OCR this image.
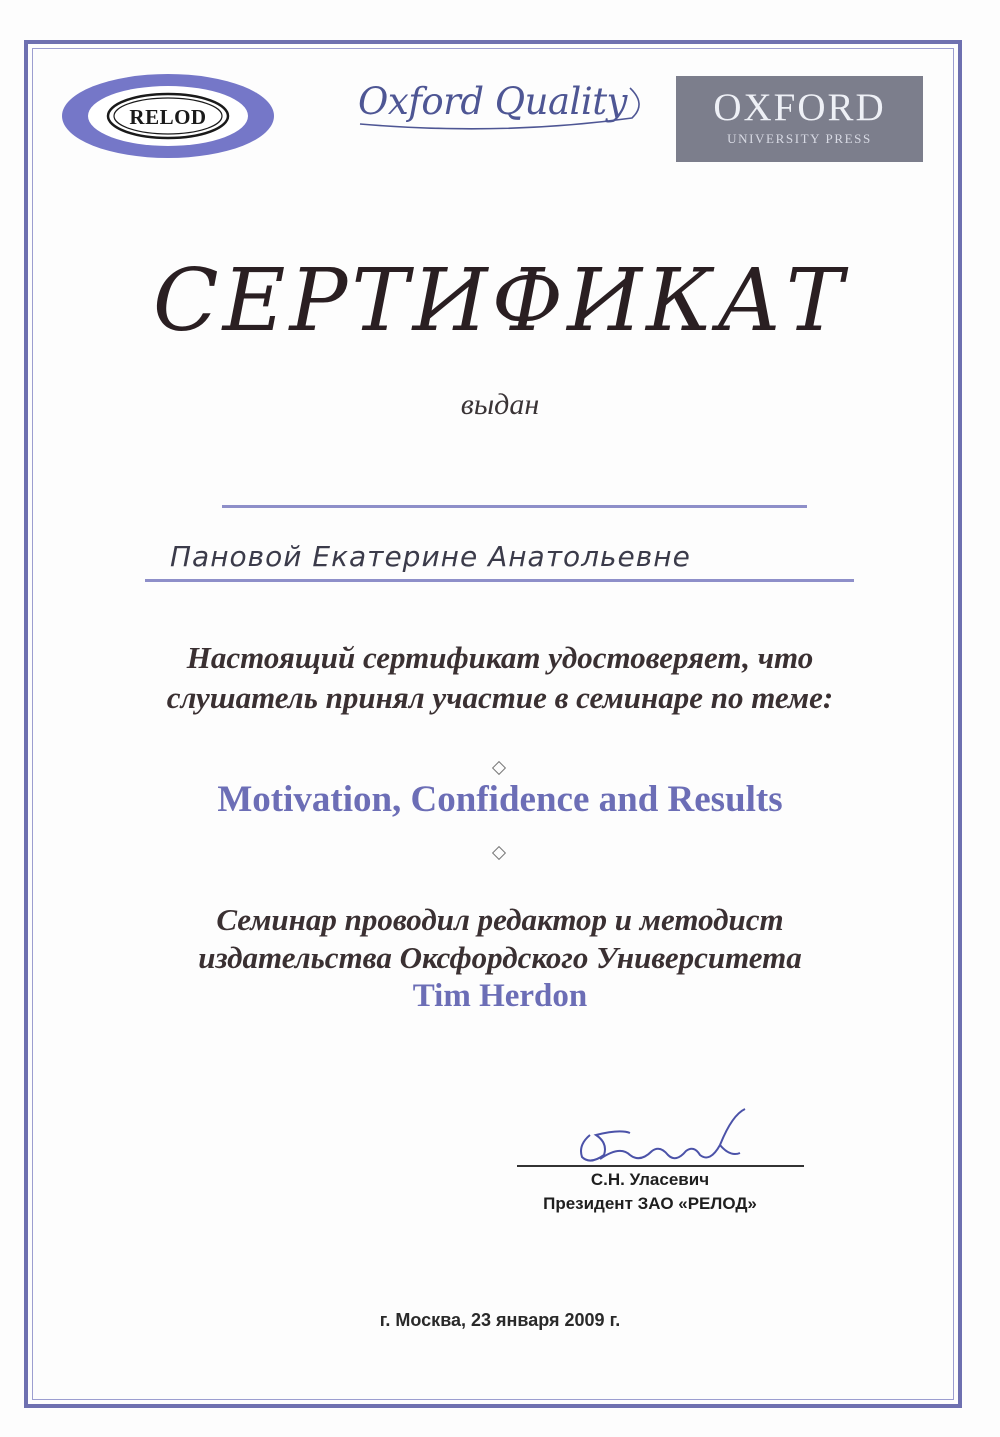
RELOD	Oxford Quality	OXFORD
UNIVERSITY PRESS
СЕРТИФИКАТ
выдан
Пановой Екатерине Анатольевне
Настоящий сертификат удостоверяет, что
слушатель принял участие в семинаре по теме:
Motivation, Confidence and Results
Семинар проводил редактор и методист
издательства Оксфордского Университета
Tim Herdon
С.Н. Уласевич
Президент ЗАО «РЕЛОД»
г. Москва, 23 января 2009 г.
